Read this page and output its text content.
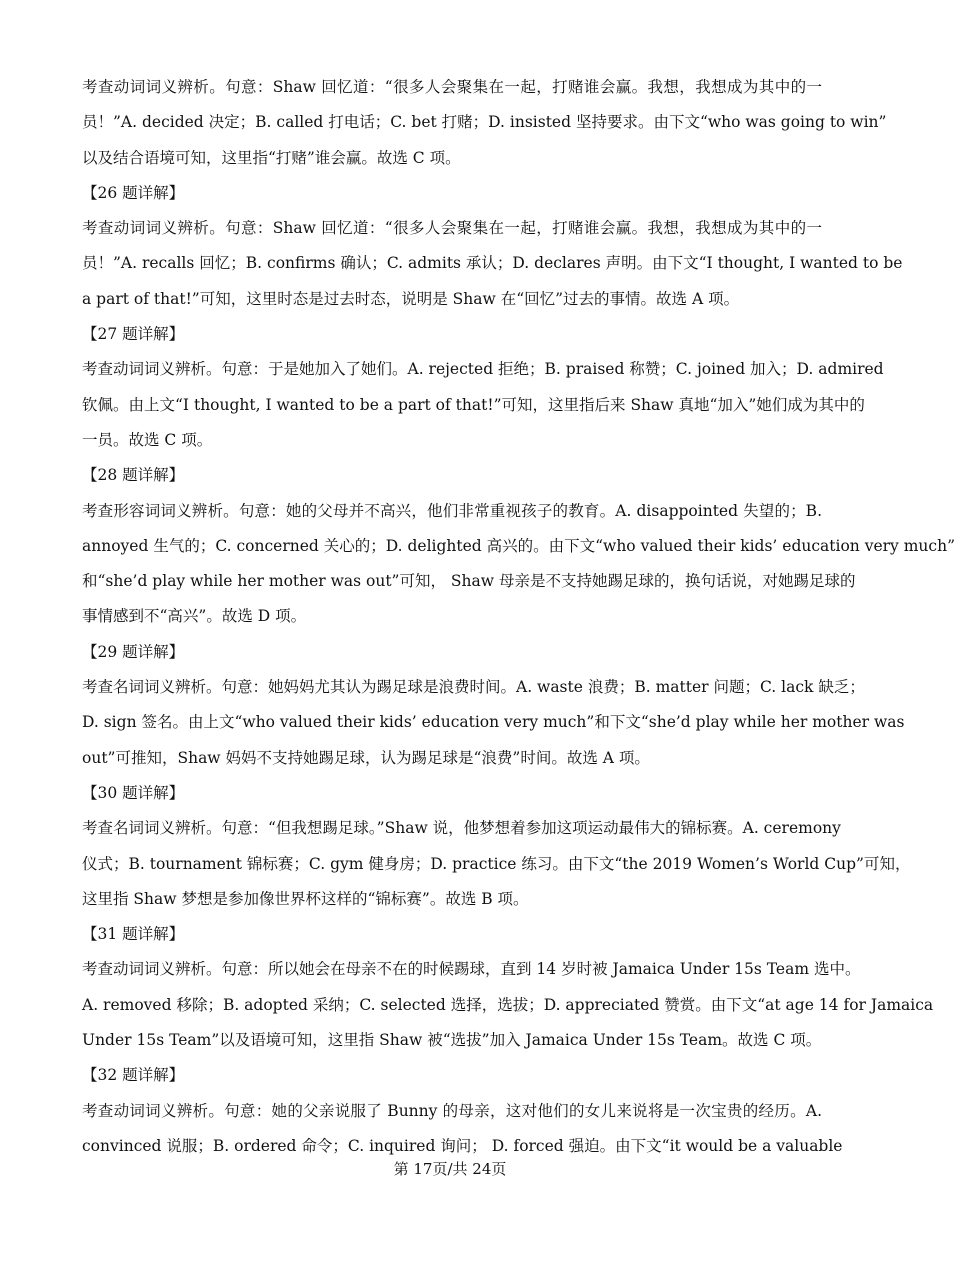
考查动词词义辨析。句意：Shaw 回忆道：“很多人会聚集在一起，打赌谁会赢。我想，我想成为其中的一
员！”A. decided 决定；B. called 打电话；C. bet 打赌；D. insisted 坚持要求。由下文“who was going to win”
以及结合语境可知，这里指“打赌”谁会赢。故选 C 项。
【26 题详解】
考查动词词义辨析。句意：Shaw 回忆道：“很多人会聚集在一起，打赌谁会赢。我想，我想成为其中的一
员！”A. recalls 回忆；B. confirms 确认；C. admits 承认；D. declares 声明。由下文“I thought, I wanted to be
a part of that!”可知，这里时态是过去时态，说明是 Shaw 在“回忆”过去的事情。故选 A 项。
【27 题详解】
考查动词词义辨析。句意：于是她加入了她们。A. rejected 拒绝；B. praised 称赞；C. joined 加入；D. admired
钦佩。由上文“I thought, I wanted to be a part of that!”可知，这里指后来 Shaw 真地“加入”她们成为其中的
一员。故选 C 项。
【28 题详解】
考查形容词词义辨析。句意：她的父母并不高兴，他们非常重视孩子的教育。A. disappointed 失望的；B.
annoyed 生气的；C. concerned 关心的；D. delighted 高兴的。由下文“who valued their kids’ education very much”
和“she’d play while her mother was out”可知， Shaw 母亲是不支持她踢足球的，换句话说，对她踢足球的
事情感到不“高兴”。故选 D 项。
【29 题详解】
考查名词词义辨析。句意：她妈妈尤其认为踢足球是浪费时间。A. waste 浪费；B. matter 问题；C. lack 缺乏；
D. sign 签名。由上文“who valued their kids’ education very much”和下文“she’d play while her mother was
out”可推知，Shaw 妈妈不支持她踢足球，认为踢足球是“浪费”时间。故选 A 项。
【30 题详解】
考查名词词义辨析。句意：“但我想踢足球。”Shaw 说，他梦想着参加这项运动最伟大的锦标赛。A. ceremony
仪式；B. tournament 锦标赛；C. gym 健身房；D. practice 练习。由下文“the 2019 Women’s World Cup”可知，
这里指 Shaw 梦想是参加像世界杯这样的“锦标赛”。故选 B 项。
【31 题详解】
考查动词词义辨析。句意：所以她会在母亲不在的时候踢球，直到 14 岁时被 Jamaica Under 15s Team 选中。
A. removed 移除；B. adopted 采纳；C. selected 选择，选拔；D. appreciated 赞赏。由下文“at age 14 for Jamaica
Under 15s Team”以及语境可知，这里指 Shaw 被“选拔”加入 Jamaica Under 15s Team。故选 C 项。
【32 题详解】
考查动词词义辨析。句意：她的父亲说服了 Bunny 的母亲，这对他们的女儿来说将是一次宝贵的经历。A.
convinced 说服；B. ordered 命令；C. inquired 询问； D. forced 强迫。由下文“it would be a valuable
第 17页/共 24页
